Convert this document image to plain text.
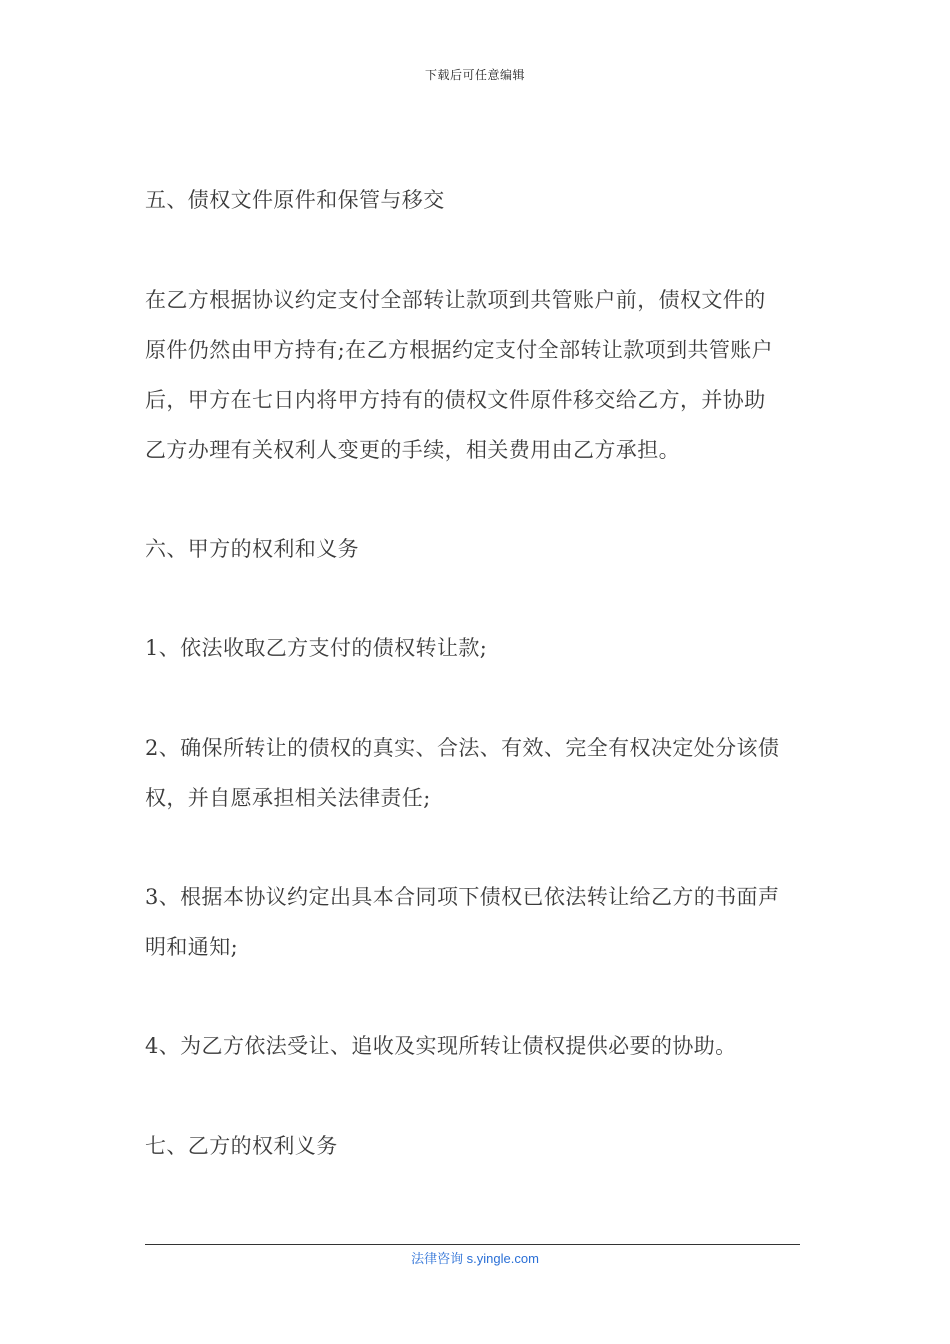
下载后可任意编辑
五、债权文件原件和保管与移交
在乙方根据协议约定支付全部转让款项到共管账户前，债权文件的
原件仍然由甲方持有;在乙方根据约定支付全部转让款项到共管账户
后，甲方在七日内将甲方持有的债权文件原件移交给乙方，并协助
乙方办理有关权利人变更的手续，相关费用由乙方承担。
六、甲方的权利和义务
1、依法收取乙方支付的债权转让款;
2、确保所转让的债权的真实、合法、有效、完全有权决定处分该债
权，并自愿承担相关法律责任;
3、根据本协议约定出具本合同项下债权已依法转让给乙方的书面声
明和通知;
4、为乙方依法受让、追收及实现所转让债权提供必要的协助。
七、乙方的权利义务
法律咨询 s.yingle.com
